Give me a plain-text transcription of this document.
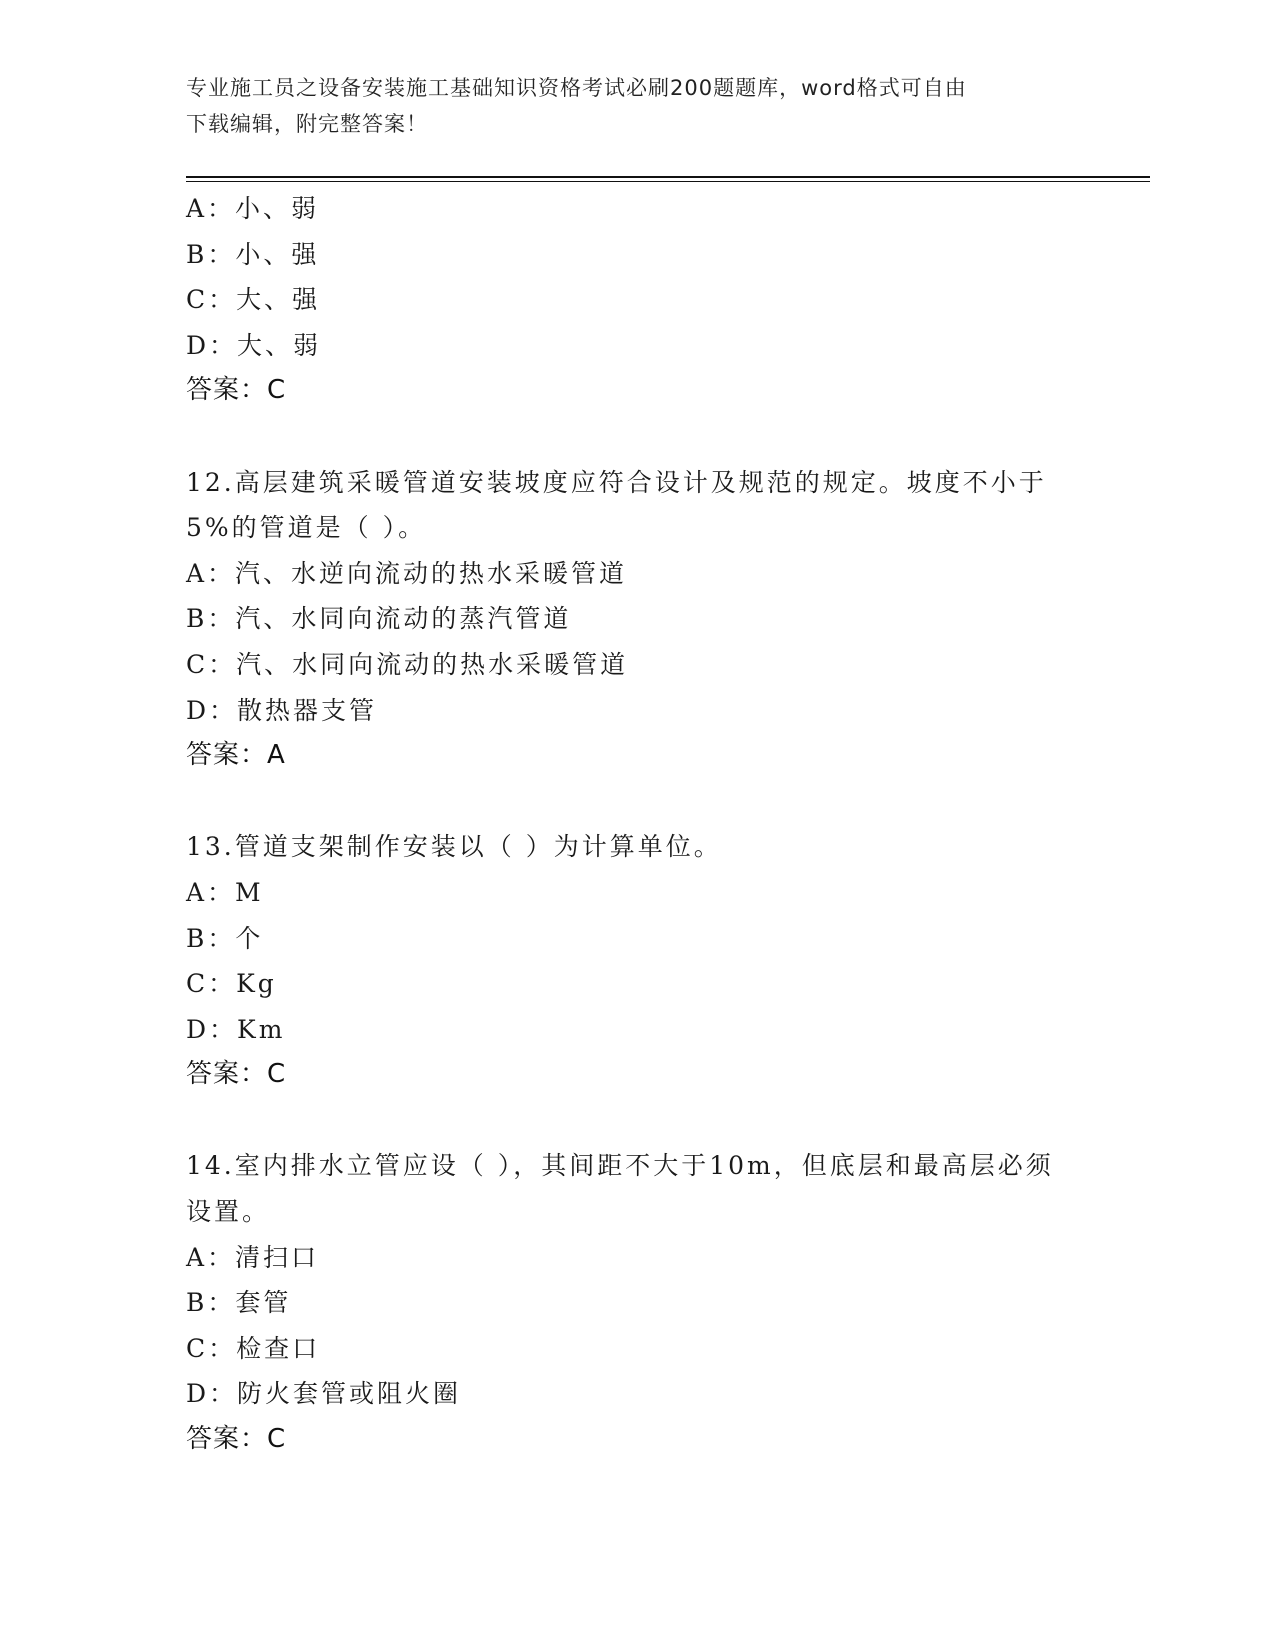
专业施工员之设备安装施工基础知识资格考试必刷200题题库，word格式可自由
下载编辑，附完整答案！
A：小、弱
B：小、强
C：大、强
D：大、弱
答案：C
12.高层建筑采暖管道安装坡度应符合设计及规范的规定。坡度不小于
5%的管道是（ ）。
A：汽、水逆向流动的热水采暖管道
B：汽、水同向流动的蒸汽管道
C：汽、水同向流动的热水采暖管道
D：散热器支管
答案：A
13.管道支架制作安装以（ ）为计算单位。
A：M
B：个
C：Kg
D：Km
答案：C
14.室内排水立管应设（ ），其间距不大于10m，但底层和最高层必须
设置。
A：清扫口
B：套管
C：检查口
D：防火套管或阻火圈
答案：C
